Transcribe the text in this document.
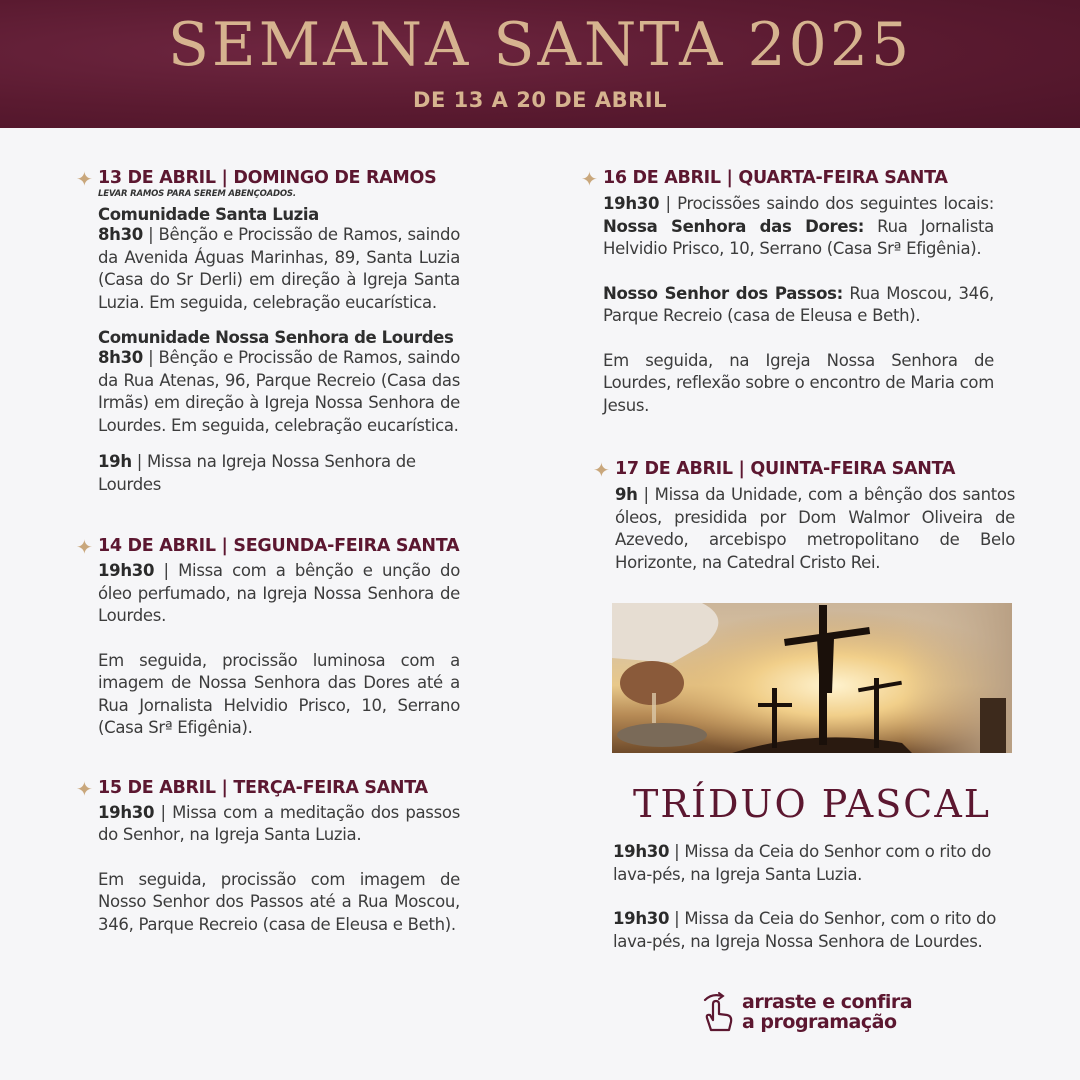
SEMANA SANTA 2025
DE 13 A 20 DE ABRIL
✦ 13 DE ABRIL | DOMINGO DE RAMOS
LEVAR RAMOS PARA SEREM ABENÇOADOS.
Comunidade Santa Luzia

8h30 | Bênção e Procissão de Ramos, saindo da Avenida Águas Marinhas, 89, Santa Luzia (Casa do Sr Derli) em direção à Igreja Santa Luzia. Em seguida, celebração eucarística.

Comunidade Nossa Senhora de Lourdes

8h30 | Bênção e Procissão de Ramos, saindo da Rua Atenas, 96, Parque Recreio (Casa das Irmãs) em direção à Igreja Nossa Senhora de Lourdes. Em seguida, celebração eucarística.

19h | Missa na Igreja Nossa Senhora de Lourdes

✦ 14 DE ABRIL | SEGUNDA-FEIRA SANTA

19h30 | Missa com a bênção e unção do óleo perfumado, na Igreja Nossa Senhora de Lourdes.

Em seguida, procissão luminosa com a imagem de Nossa Senhora das Dores até a Rua Jornalista Helvidio Prisco, 10, Serrano (Casa Srª Efigênia).

✦ 15 DE ABRIL | TERÇA-FEIRA SANTA

19h30 | Missa com a meditação dos passos do Senhor, na Igreja Santa Luzia.

Em seguida, procissão com imagem de Nosso Senhor dos Passos até a Rua Moscou, 346, Parque Recreio (casa de Eleusa e Beth).

✦ 16 DE ABRIL | QUARTA-FEIRA SANTA

19h30 | Procissões saindo dos seguintes locais: Nossa Senhora das Dores: Rua Jornalista Helvidio Prisco, 10, Serrano (Casa Srª Efigênia).

Nosso Senhor dos Passos: Rua Moscou, 346, Parque Recreio (casa de Eleusa e Beth).

Em seguida, na Igreja Nossa Senhora de Lourdes, reflexão sobre o encontro de Maria com Jesus.

✦ 17 DE ABRIL | QUINTA-FEIRA SANTA

9h | Missa da Unidade, com a bênção dos santos óleos, presidida por Dom Walmor Oliveira de Azevedo, arcebispo metropolitano de Belo Horizonte, na Catedral Cristo Rei.

TRÍDUO PASCAL

19h30 | Missa da Ceia do Senhor com o rito do lava-pés, na Igreja Santa Luzia.

19h30 | Missa da Ceia do Senhor, com o rito do lava-pés, na Igreja Nossa Senhora de Lourdes.

arraste e confira
a programação
